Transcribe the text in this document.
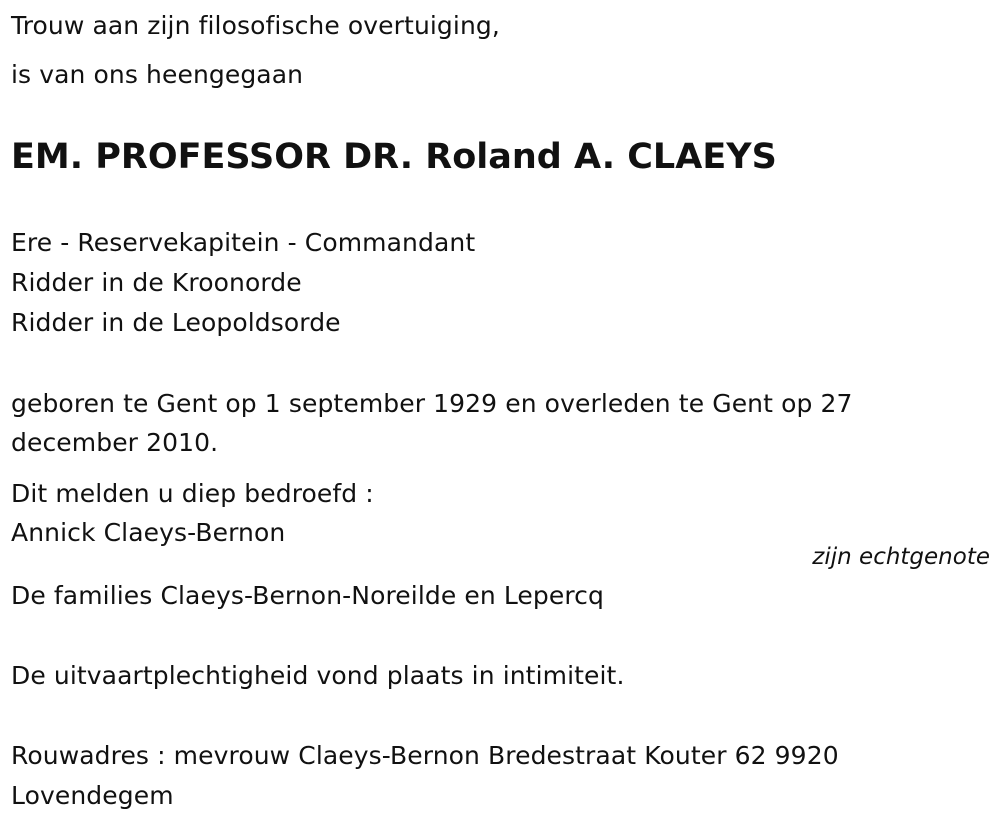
Trouw aan zijn filosofische overtuiging,
is van ons heengegaan
EM. PROFESSOR DR. Roland A. CLAEYS
Ere - Reservekapitein - Commandant
Ridder in de Kroonorde
Ridder in de Leopoldsorde
geboren te Gent op 1 september 1929 en overleden te Gent op 27
december 2010.
Dit melden u diep bedroefd :
Annick Claeys-Bernon
zijn echtgenote
De families Claeys-Bernon-Noreilde en Lepercq
De uitvaartplechtigheid vond plaats in intimiteit.
Rouwadres : mevrouw Claeys-Bernon Bredestraat Kouter 62 9920
Lovendegem
